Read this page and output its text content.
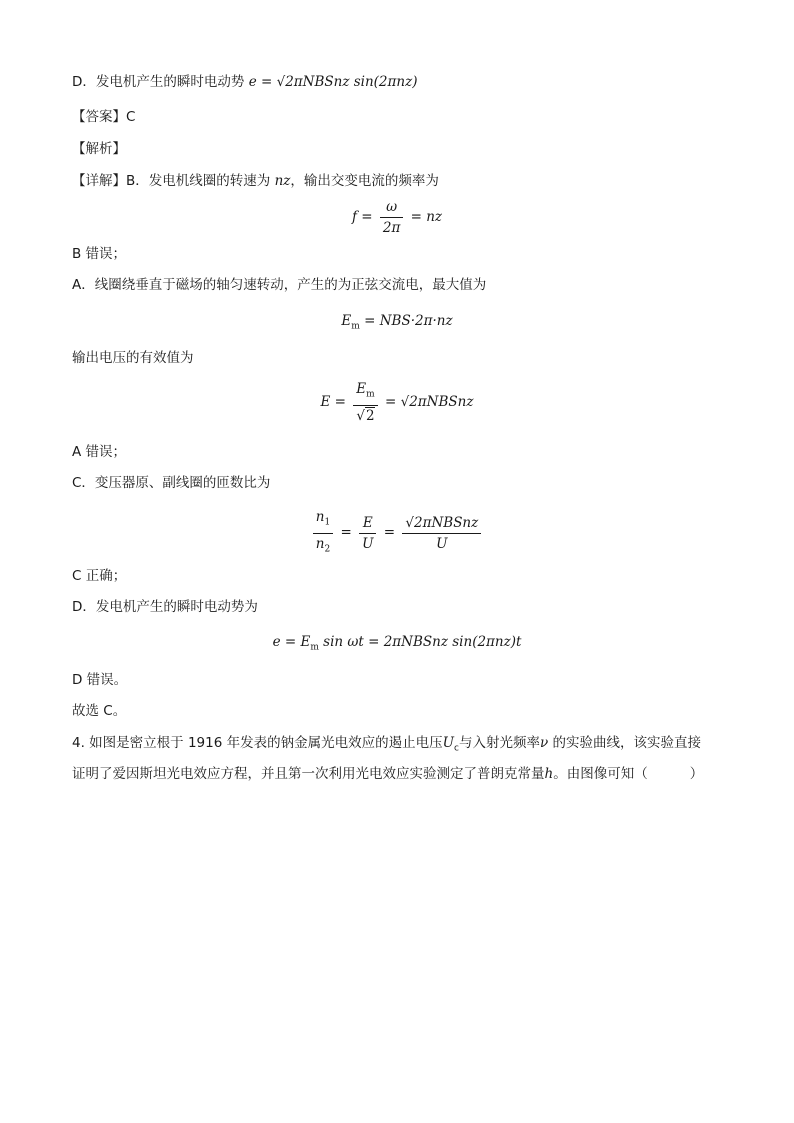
D．发电机产生的瞬时电动势 e = √2πNBSnz sin(2πnz)
【答案】C
【解析】
【详解】B．发电机线圈的转速为 nz，输出交变电流的频率为
$f = \frac{\omega}{2\pi}$ = nz
B 错误；
A．线圈绕垂直于磁场的轴匀速转动，产生的为正弦交流电，最大值为
$E_m = NBS\cdot 2\pi\cdot nz$
输出电压的有效值为
$E = \frac{E_m}{√2}$ = √2πNBSnz
A 错误；
C．变压器原、副线圈的匝数比为
$\frac{n_1}{n_2} = \frac{E}{U} = \frac{\text{√2πNBSnz}}{U}$
C 正确；
D．发电机产生的瞬时电动势为
$e = E_m$ sin ωt = 2πNBSnz sin(2πnz)t
D 错误。
故选 C。
4. 如图是密立根于 1916 年发表的钠金属光电效应的遏止电压$U_c$与入射光频率ν 的实验曲线，该实验直接
证明了爱因斯坦光电效应方程，并且第一次利用光电效应实验测定了普朗克常量h。由图像可知（	）
